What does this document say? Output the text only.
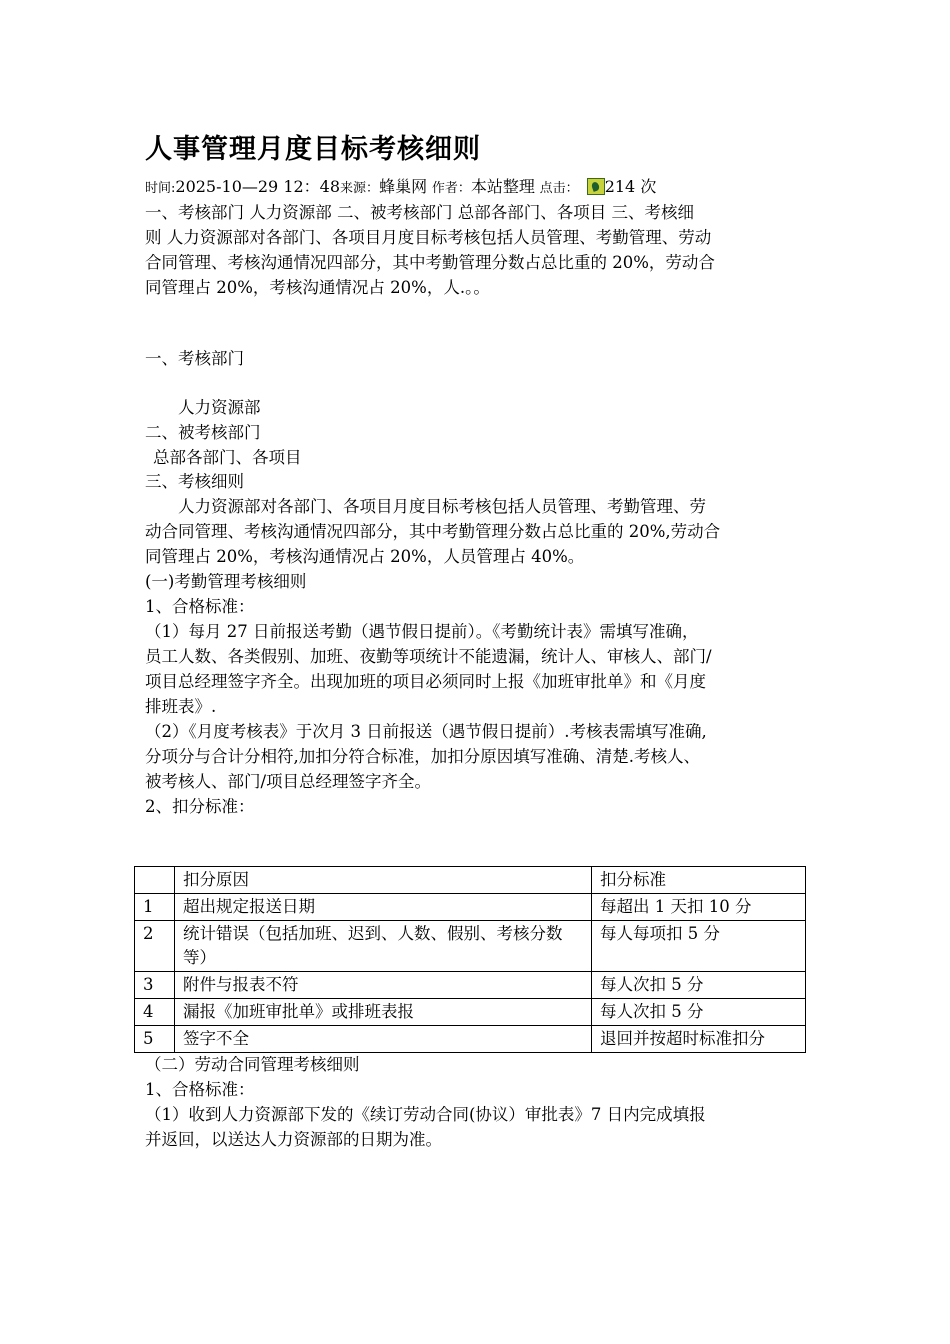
人事管理月度目标考核细则
时间:2025-10—29 12：48来源：蜂巢网 作者：本站整理 点击： 214 次

一、考核部门 人力资源部 二、被考核部门 总部各部门、各项目 三、考核细

则 人力资源部对各部门、各项目月度目标考核包括人员管理、考勤管理、劳动

合同管理、考核沟通情况四部分，其中考勤管理分数占总比重的 20%，劳动合

同管理占 20%，考核沟通情况占 20%，人.。。

一、考核部门
人力资源部
二、被考核部门
总部各部门、各项目

三、考核细则

人力资源部对各部门、各项目月度目标考核包括人员管理、考勤管理、劳

动合同管理、考核沟通情况四部分，其中考勤管理分数占总比重的 20%,劳动合

同管理占 20%，考核沟通情况占 20%，人员管理占 40%。

(一)考勤管理考核细则

1、合格标准：

（1）每月 27 日前报送考勤（遇节假日提前）。《考勤统计表》需填写准确，

员工人数、各类假别、加班、夜勤等项统计不能遗漏，统计人、审核人、部门/

项目总经理签字齐全。出现加班的项目必须同时上报《加班审批单》和《月度

排班表》.

（2）《月度考核表》于次月 3 日前报送（遇节假日提前）.考核表需填写准确,

分项分与合计分相符,加扣分符合标准，加扣分原因填写准确、清楚.考核人、

被考核人、部门/项目总经理签字齐全。

2、扣分标准：

	扣分原因	扣分标准
1	超出规定报送日期	每超出 1 天扣 10 分
2	统计错误（包括加班、迟到、人数、假别、考核分数等）	每人每项扣 5 分
3	附件与报表不符	每人次扣 5 分
4	漏报《加班审批单》或排班表报	每人次扣 5 分
5	签字不全	退回并按超时标准扣分

（二）劳动合同管理考核细则

1、合格标准：

（1）收到人力资源部下发的《续订劳动合同(协议）审批表》7 日内完成填报

并返回，以送达人力资源部的日期为准。
